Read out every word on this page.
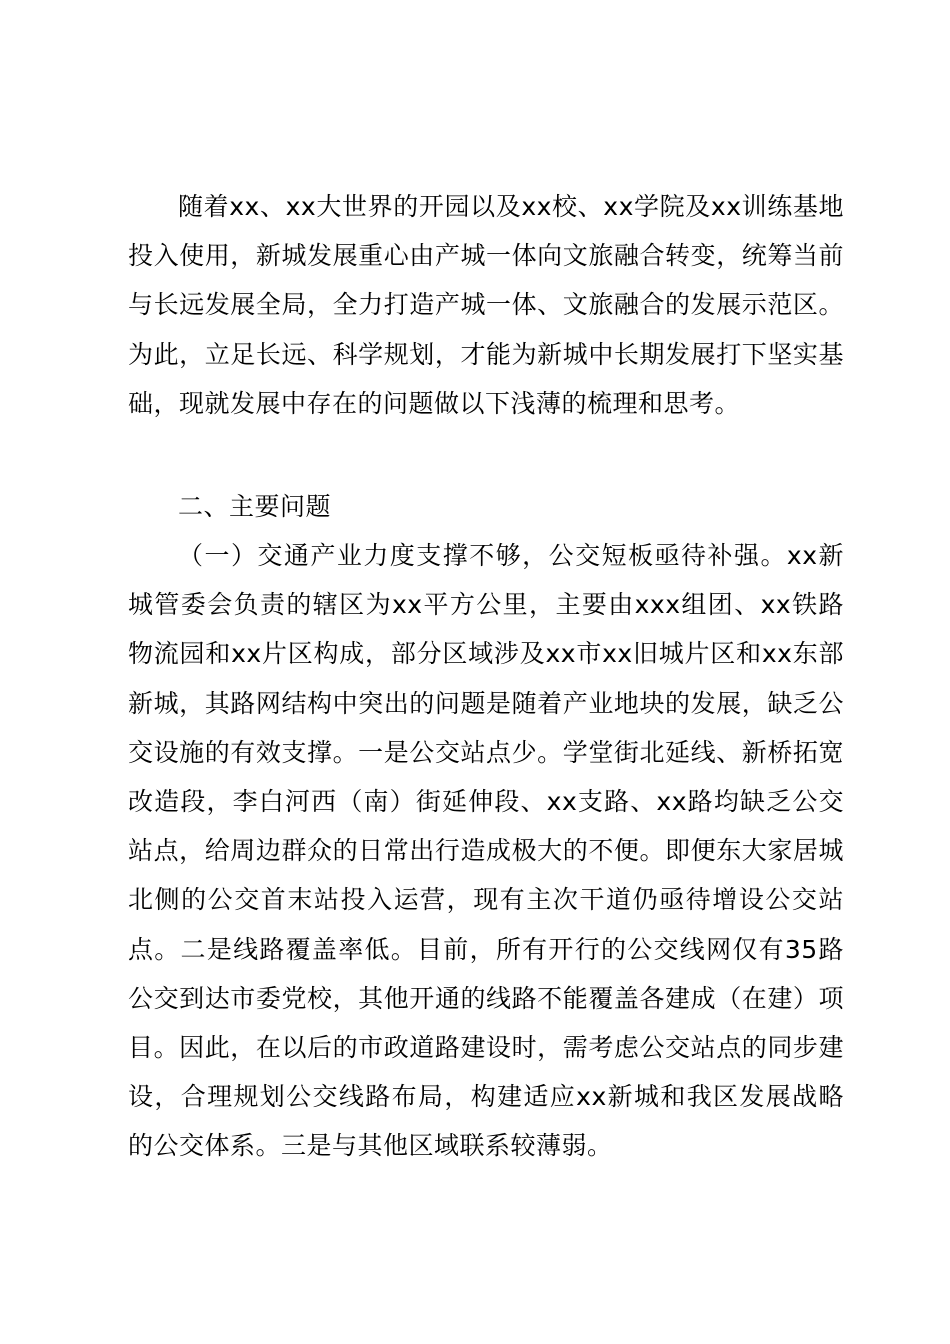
随着xx、xx大世界的开园以及xx校、xx学院及xx训练基地投入使用，新城发展重心由产城一体向文旅融合转变，统筹当前与长远发展全局，全力打造产城一体、文旅融合的发展示范区。为此，立足长远、科学规划，才能为新城中长期发展打下坚实基础，现就发展中存在的问题做以下浅薄的梳理和思考。

二、主要问题

（一）交通产业力度支撑不够，公交短板亟待补强。xx新城管委会负责的辖区为xx平方公里，主要由xxx组团、xx铁路物流园和xx片区构成，部分区域涉及xx市xx旧城片区和xx东部新城，其路网结构中突出的问题是随着产业地块的发展，缺乏公交设施的有效支撑。一是公交站点少。学堂街北延线、新桥拓宽改造段，李白河西（南）街延伸段、xx支路、xx路均缺乏公交站点，给周边群众的日常出行造成极大的不便。即便东大家居城北侧的公交首末站投入运营，现有主次干道仍亟待增设公交站点。二是线路覆盖率低。目前，所有开行的公交线网仅有35路公交到达市委党校，其他开通的线路不能覆盖各建成（在建）项目。因此，在以后的市政道路建设时，需考虑公交站点的同步建设，合理规划公交线路布局，构建适应xx新城和我区发展战略的公交体系。三是与其他区域联系较薄弱。
